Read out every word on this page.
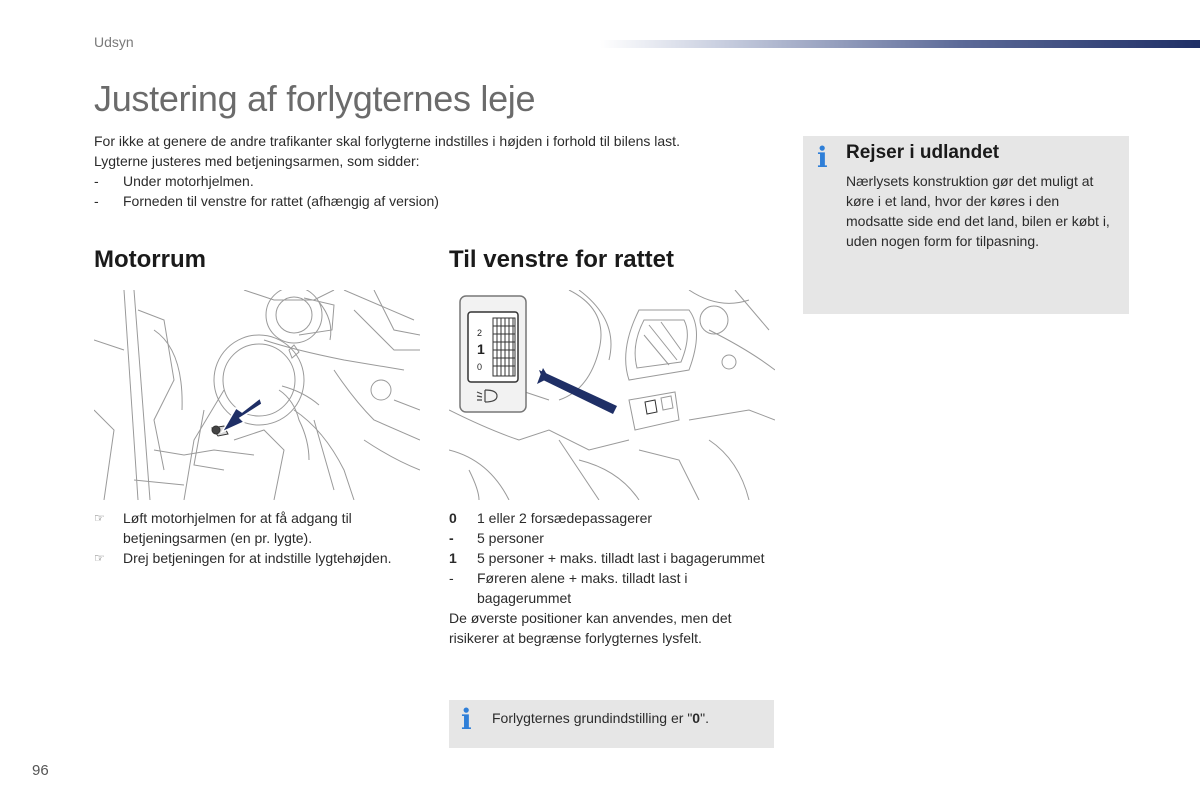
Udsyn
Justering af forlygternes leje

For ikke at genere de andre trafikanter skal forlygterne indstilles i højden i forhold til bilens last.

Lygterne justeres med betjeningsarmen, som sidder:

- Under motorhjelmen.

- Forneden til venstre for rattet (afhængig af version)

Motorrum	Til venstre for rattet
2
1
0
☞ Løft motorhjelmen for at få adgang til betjeningsarmen (en pr. lygte).
☞ Drej betjeningen for at indstille lygtehøjden.
0 1 eller 2 forsædepassagerer
- 5 personer
1 5 personer + maks. tilladt last i bagagerummet
- Føreren alene + maks. tilladt last i bagagerummet

De øverste positioner kan anvendes, men det risikerer at begrænse forlygternes lysfelt.

i Forlygternes grundindstilling er "0".
i Rejser i udlandet

Nærlysets konstruktion gør det muligt at køre i et land, hvor der køres i den modsatte side end det land, bilen er købt i, uden nogen form for tilpasning.

96
